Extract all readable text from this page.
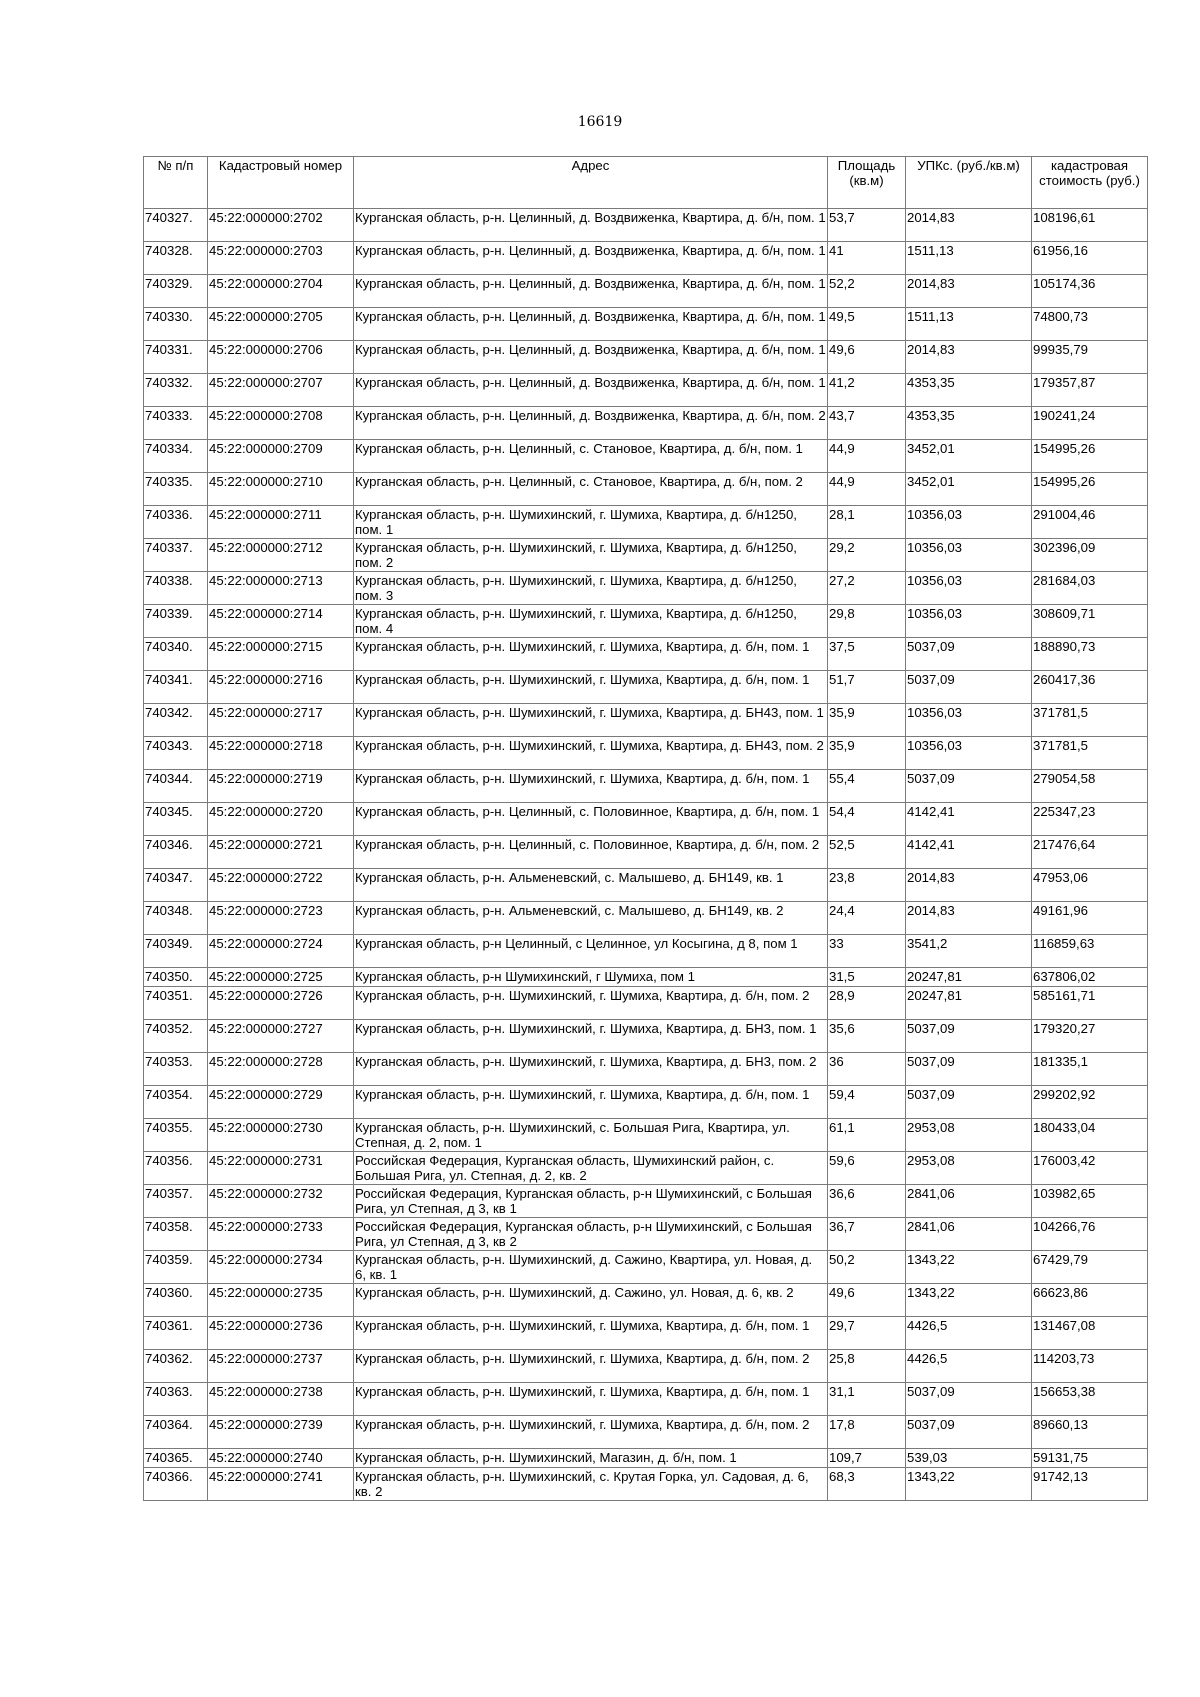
16619
№ п/п	Кадастровый номер	Адрес	Площадь (кв.м)	УПКс. (руб./кв.м)	кадастровая стоимость (руб.)
740327.	45:22:000000:2702	Курганская область, р-н. Целинный, д. Воздвиженка, Квартира, д. б/н, пом. 1	53,7	2014,83	108196,61
740328.	45:22:000000:2703	Курганская область, р-н. Целинный, д. Воздвиженка, Квартира, д. б/н, пом. 1	41	1511,13	61956,16
740329.	45:22:000000:2704	Курганская область, р-н. Целинный, д. Воздвиженка, Квартира, д. б/н, пом. 1	52,2	2014,83	105174,36
740330.	45:22:000000:2705	Курганская область, р-н. Целинный, д. Воздвиженка, Квартира, д. б/н, пом. 1	49,5	1511,13	74800,73
740331.	45:22:000000:2706	Курганская область, р-н. Целинный, д. Воздвиженка, Квартира, д. б/н, пом. 1	49,6	2014,83	99935,79
740332.	45:22:000000:2707	Курганская область, р-н. Целинный, д. Воздвиженка, Квартира, д. б/н, пом. 1	41,2	4353,35	179357,87
740333.	45:22:000000:2708	Курганская область, р-н. Целинный, д. Воздвиженка, Квартира, д. б/н, пом. 2	43,7	4353,35	190241,24
740334.	45:22:000000:2709	Курганская область, р-н. Целинный, с. Становое, Квартира, д. б/н, пом. 1	44,9	3452,01	154995,26
740335.	45:22:000000:2710	Курганская область, р-н. Целинный, с. Становое, Квартира, д. б/н, пом. 2	44,9	3452,01	154995,26
740336.	45:22:000000:2711	Курганская область, р-н. Шумихинский, г. Шумиха, Квартира, д. б/н1250, пом. 1	28,1	10356,03	291004,46
740337.	45:22:000000:2712	Курганская область, р-н. Шумихинский, г. Шумиха, Квартира, д. б/н1250, пом. 2	29,2	10356,03	302396,09
740338.	45:22:000000:2713	Курганская область, р-н. Шумихинский, г. Шумиха, Квартира, д. б/н1250, пом. 3	27,2	10356,03	281684,03
740339.	45:22:000000:2714	Курганская область, р-н. Шумихинский, г. Шумиха, Квартира, д. б/н1250, пом. 4	29,8	10356,03	308609,71
740340.	45:22:000000:2715	Курганская область, р-н. Шумихинский, г. Шумиха, Квартира, д. б/н, пом. 1	37,5	5037,09	188890,73
740341.	45:22:000000:2716	Курганская область, р-н. Шумихинский, г. Шумиха, Квартира, д. б/н, пом. 1	51,7	5037,09	260417,36
740342.	45:22:000000:2717	Курганская область, р-н. Шумихинский, г. Шумиха, Квартира, д. БН43, пом. 1	35,9	10356,03	371781,5
740343.	45:22:000000:2718	Курганская область, р-н. Шумихинский, г. Шумиха, Квартира, д. БН43, пом. 2	35,9	10356,03	371781,5
740344.	45:22:000000:2719	Курганская область, р-н. Шумихинский, г. Шумиха, Квартира, д. б/н, пом. 1	55,4	5037,09	279054,58
740345.	45:22:000000:2720	Курганская область, р-н. Целинный, с. Половинное, Квартира, д. б/н, пом. 1	54,4	4142,41	225347,23
740346.	45:22:000000:2721	Курганская область, р-н. Целинный, с. Половинное, Квартира, д. б/н, пом. 2	52,5	4142,41	217476,64
740347.	45:22:000000:2722	Курганская область, р-н. Альменевский, с. Малышево, д. БН149, кв. 1	23,8	2014,83	47953,06
740348.	45:22:000000:2723	Курганская область, р-н. Альменевский, с. Малышево, д. БН149, кв. 2	24,4	2014,83	49161,96
740349.	45:22:000000:2724	Курганская область, р-н Целинный, с Целинное, ул Косыгина, д 8, пом 1	33	3541,2	116859,63
740350.	45:22:000000:2725	Курганская область, р-н Шумихинский, г Шумиха, пом 1	31,5	20247,81	637806,02
740351.	45:22:000000:2726	Курганская область, р-н. Шумихинский, г. Шумиха, Квартира, д. б/н, пом. 2	28,9	20247,81	585161,71
740352.	45:22:000000:2727	Курганская область, р-н. Шумихинский, г. Шумиха, Квартира, д. БН3, пом. 1	35,6	5037,09	179320,27
740353.	45:22:000000:2728	Курганская область, р-н. Шумихинский, г. Шумиха, Квартира, д. БН3, пом. 2	36	5037,09	181335,1
740354.	45:22:000000:2729	Курганская область, р-н. Шумихинский, г. Шумиха, Квартира, д. б/н, пом. 1	59,4	5037,09	299202,92
740355.	45:22:000000:2730	Курганская область, р-н. Шумихинский, с. Большая Рига, Квартира, ул. Степная, д. 2, пом. 1	61,1	2953,08	180433,04
740356.	45:22:000000:2731	Российская Федерация, Курганская область, Шумихинский район, с. Большая Рига, ул. Степная, д. 2, кв. 2	59,6	2953,08	176003,42
740357.	45:22:000000:2732	Российская Федерация, Курганская область, р-н Шумихинский, с Большая Рига, ул Степная, д 3, кв 1	36,6	2841,06	103982,65
740358.	45:22:000000:2733	Российская Федерация, Курганская область, р-н Шумихинский, с Большая Рига, ул Степная, д 3, кв 2	36,7	2841,06	104266,76
740359.	45:22:000000:2734	Курганская область, р-н. Шумихинский, д. Сажино, Квартира, ул. Новая, д. 6, кв. 1	50,2	1343,22	67429,79
740360.	45:22:000000:2735	Курганская область, р-н. Шумихинский, д. Сажино, ул. Новая, д. 6, кв. 2	49,6	1343,22	66623,86
740361.	45:22:000000:2736	Курганская область, р-н. Шумихинский, г. Шумиха, Квартира, д. б/н, пом. 1	29,7	4426,5	131467,08
740362.	45:22:000000:2737	Курганская область, р-н. Шумихинский, г. Шумиха, Квартира, д. б/н, пом. 2	25,8	4426,5	114203,73
740363.	45:22:000000:2738	Курганская область, р-н. Шумихинский, г. Шумиха, Квартира, д. б/н, пом. 1	31,1	5037,09	156653,38
740364.	45:22:000000:2739	Курганская область, р-н. Шумихинский, г. Шумиха, Квартира, д. б/н, пом. 2	17,8	5037,09	89660,13
740365.	45:22:000000:2740	Курганская область, р-н. Шумихинский, Магазин, д. б/н, пом. 1	109,7	539,03	59131,75
740366.	45:22:000000:2741	Курганская область, р-н. Шумихинский, с. Крутая Горка, ул. Садовая, д. 6, кв. 2	68,3	1343,22	91742,13
